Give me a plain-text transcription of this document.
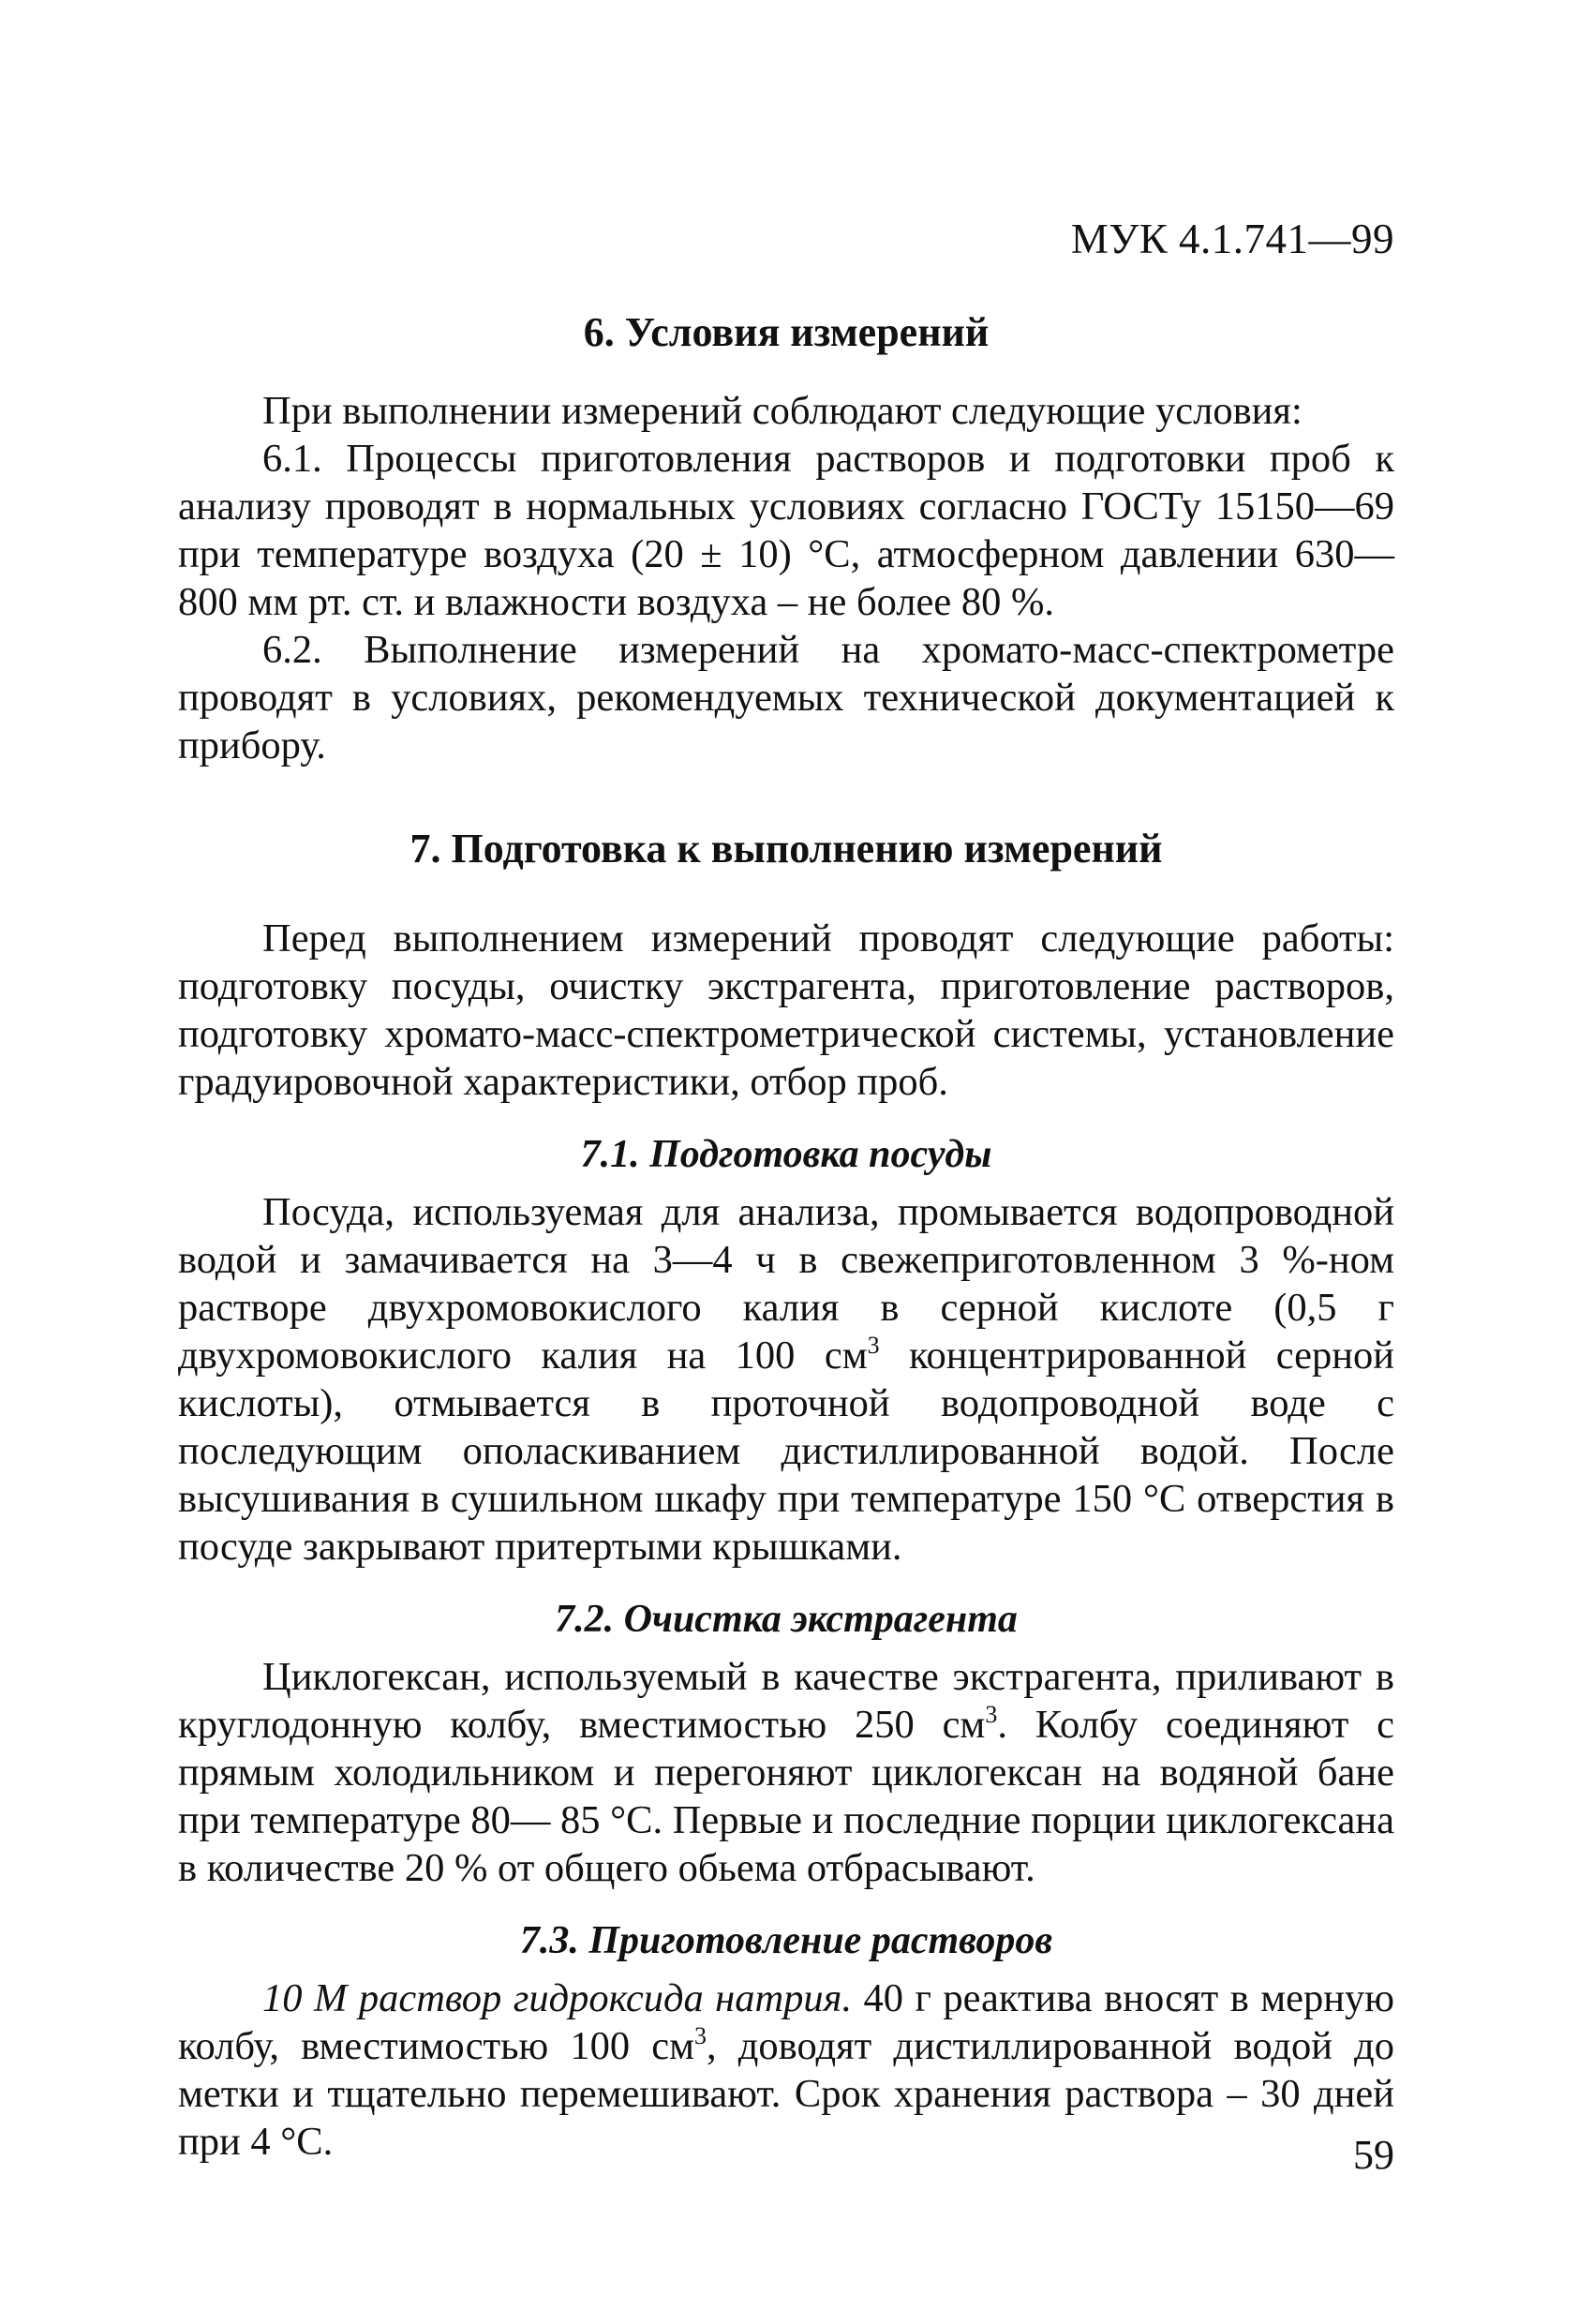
МУК 4.1.741—99
6. Условия измерений

При выполнении измерений соблюдают следующие условия:

6.1. Процессы приготовления растворов и подготовки проб к анализу проводят в нормальных условиях согласно ГОСТу 15150—69 при температуре воздуха (20 ± 10) °С, атмосферном давлении 630—800 мм рт. ст. и влажности воздуха – не более 80 %.

6.2. Выполнение измерений на хромато-масс-спектрометре проводят в условиях, рекомендуемых технической документацией к прибору.

7. Подготовка к выполнению измерений

Перед выполнением измерений проводят следующие работы: подготовку посуды, очистку экстрагента, приготовление растворов, подготовку хромато-масс-спектрометрической системы, установление градуировочной характеристики, отбор проб.

7.1. Подготовка посуды

Посуда, используемая для анализа, промывается водопроводной водой и замачивается на 3—4 ч в свежеприготовленном 3 %-ном растворе двухромовокислого калия в серной кислоте (0,5 г двухромовокислого калия на 100 $см^3$ концентрированной серной кислоты), отмывается в проточной водопроводной воде с последующим ополаскиванием дистиллированной водой. После высушивания в сушильном шкафу при температуре 150 °С отверстия в посуде закрывают притертыми крышками.

7.2. Очистка экстрагента

Циклогексан, используемый в качестве экстрагента, приливают в круглодонную колбу, вместимостью 250 $см^3$. Колбу соединяют с прямым холодильником и перегоняют циклогексан на водяной бане при температуре 80— 85 °С. Первые и последние порции циклогексана в количестве 20 % от общего обьема отбрасывают.

7.3. Приготовление растворов

10 М раствор гидроксида натрия. 40 г реактива вносят в мерную колбу, вместимостью 100 $см^3$, доводят дистиллированной водой до метки и тщательно перемешивают. Срок хранения раствора – 30 дней при 4 °С.	59
